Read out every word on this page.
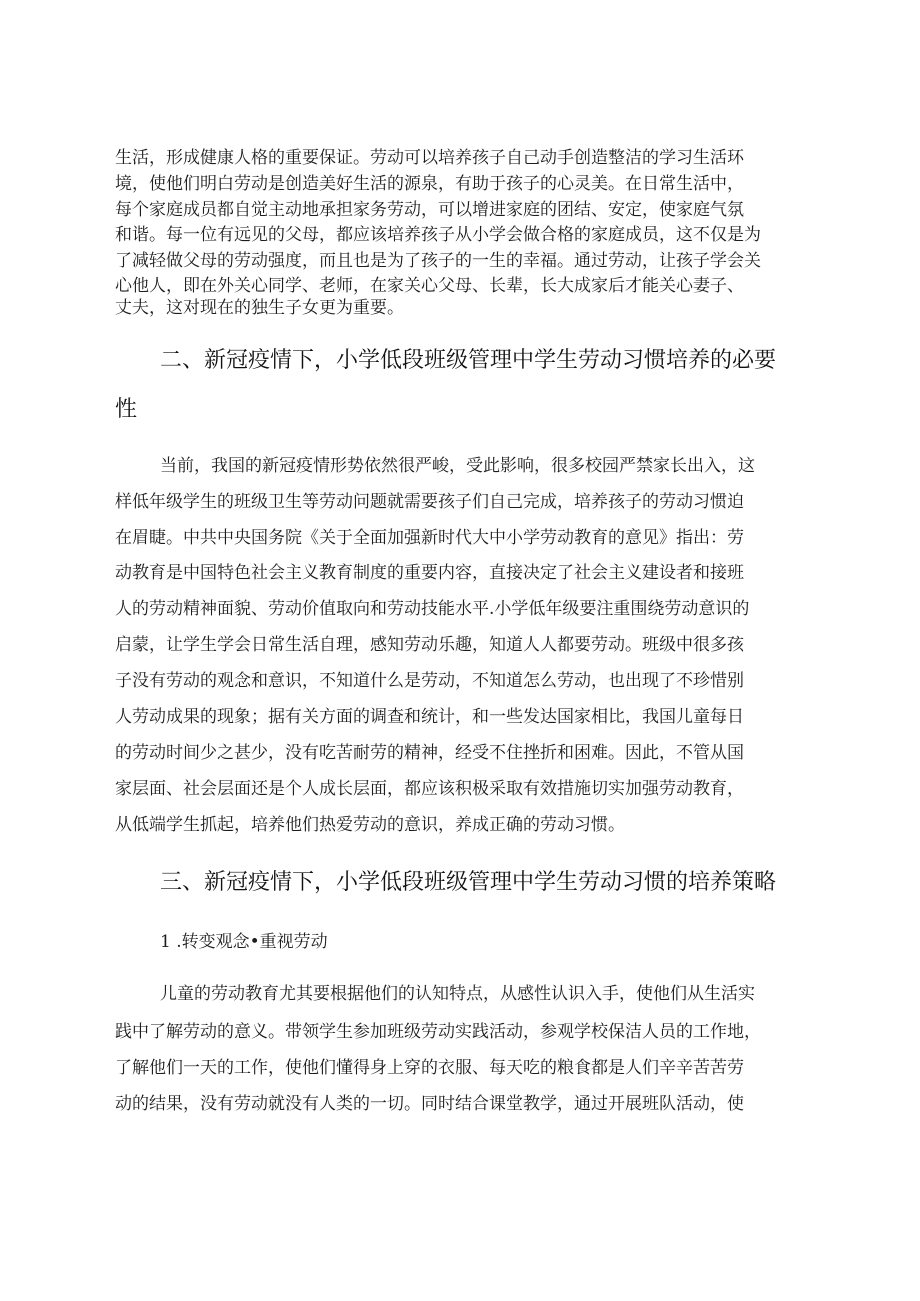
生活，形成健康人格的重要保证。劳动可以培养孩子自己动手创造整洁的学习生活环
境，使他们明白劳动是创造美好生活的源泉，有助于孩子的心灵美。在日常生活中，
每个家庭成员都自觉主动地承担家务劳动，可以增进家庭的团结、安定，使家庭气氛
和谐。每一位有远见的父母，都应该培养孩子从小学会做合格的家庭成员，这不仅是为
了减轻做父母的劳动强度，而且也是为了孩子的一生的幸福。通过劳动，让孩子学会关
心他人，即在外关心同学、老师，在家关心父母、长辈，长大成家后才能关心妻子、
丈夫，这对现在的独生子女更为重要。
二、新冠疫情下，小学低段班级管理中学生劳动习惯培养的必要
性
当前，我国的新冠疫情形势依然很严峻，受此影响，很多校园严禁家长出入，这
样低年级学生的班级卫生等劳动问题就需要孩子们自己完成，培养孩子的劳动习惯迫
在眉睫。中共中央国务院《关于全面加强新时代大中小学劳动教育的意见》指出：劳
动教育是中国特色社会主义教育制度的重要内容，直接决定了社会主义建设者和接班
人的劳动精神面貌、劳动价值取向和劳动技能水平.小学低年级要注重围绕劳动意识的
启蒙，让学生学会日常生活自理，感知劳动乐趣，知道人人都要劳动。班级中很多孩
子没有劳动的观念和意识，不知道什么是劳动，不知道怎么劳动，也出现了不珍惜别
人劳动成果的现象；据有关方面的调查和统计，和一些发达国家相比，我国儿童每日
的劳动时间少之甚少，没有吃苦耐劳的精神，经受不住挫折和困难。因此，不管从国
家层面、社会层面还是个人成长层面，都应该积极采取有效措施切实加强劳动教育，
从低端学生抓起，培养他们热爱劳动的意识，养成正确的劳动习惯。
三、新冠疫情下，小学低段班级管理中学生劳动习惯的培养策略
1 .转变观念•重视劳动
儿童的劳动教育尤其要根据他们的认知特点，从感性认识入手，使他们从生活实
践中了解劳动的意义。带领学生参加班级劳动实践活动，参观学校保洁人员的工作地，
了解他们一天的工作，使他们懂得身上穿的衣服、每天吃的粮食都是人们辛辛苦苦劳
动的结果，没有劳动就没有人类的一切。同时结合课堂教学，通过开展班队活动，使
